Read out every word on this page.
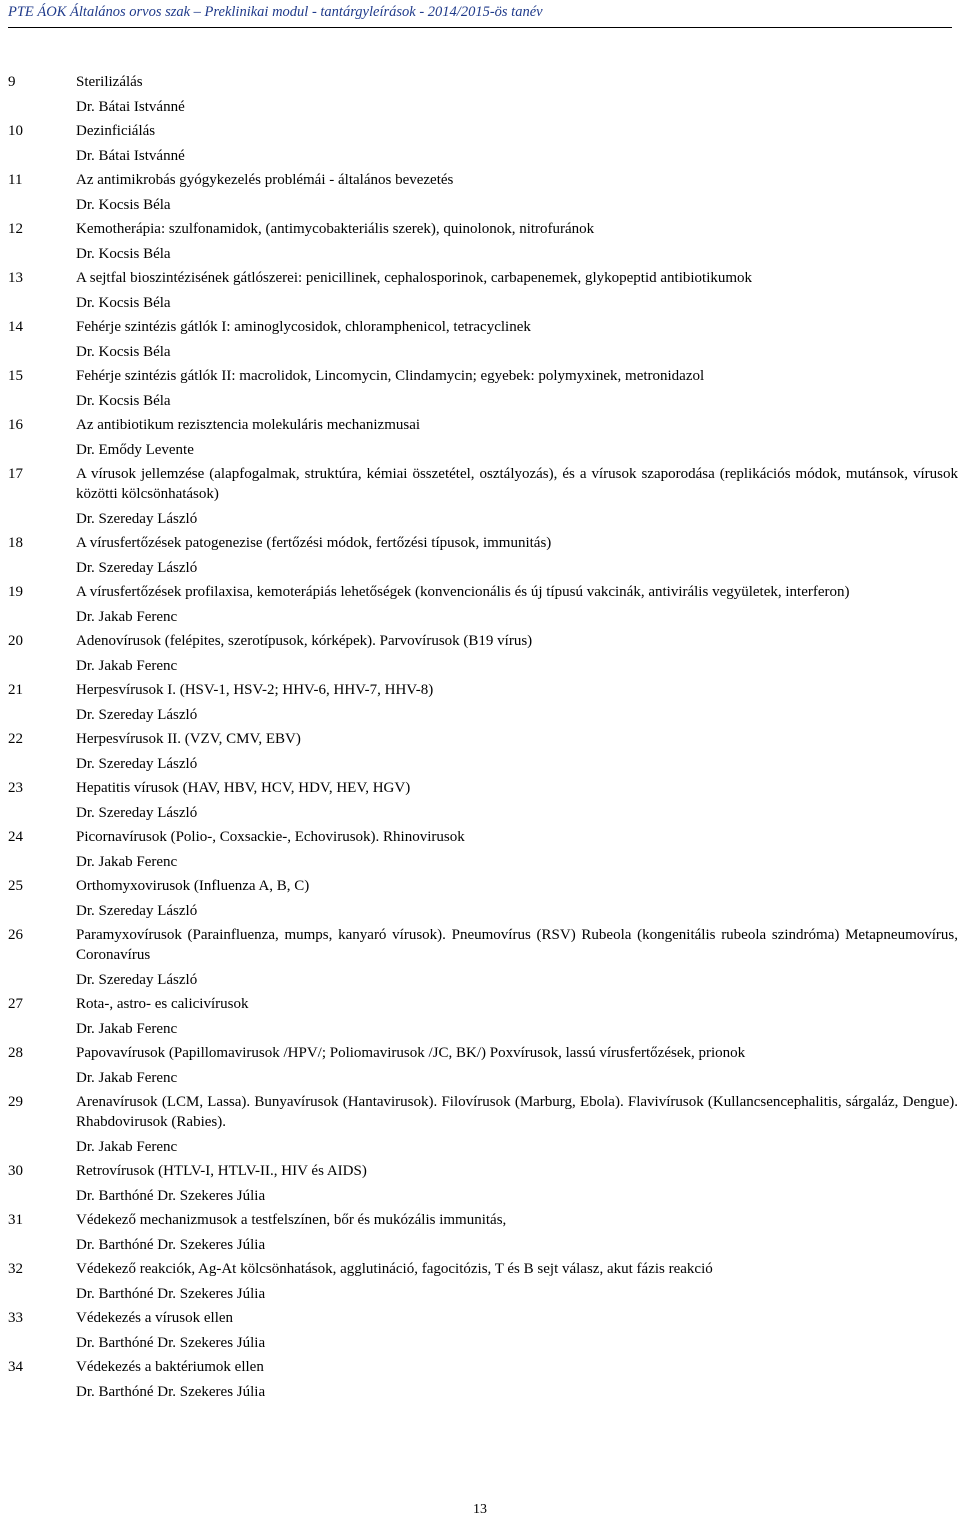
PTE ÁOK Általános orvos szak – Preklinikai modul - tantárgyleírások - 2014/2015-ös tanév
9	Sterilizálás
Dr. Bátai Istvánné
10	Dezinficiálás
Dr. Bátai Istvánné
11	Az antimikrobás gyógykezelés problémái - általános bevezetés
Dr. Kocsis Béla
12	Kemotherápia: szulfonamidok, (antimycobakteriális szerek), quinolonok, nitrofuránok
Dr. Kocsis Béla
13	A sejtfal bioszintézisének gátlószerei: penicillinek, cephalosporinok, carbapenemek, glykopeptid antibiotikumok
Dr. Kocsis Béla
14	Fehérje szintézis gátlók I: aminoglycosidok, chloramphenicol, tetracyclinek
Dr. Kocsis Béla
15	Fehérje szintézis gátlók II: macrolidok, Lincomycin, Clindamycin; egyebek: polymyxinek, metronidazol
Dr. Kocsis Béla
16	Az antibiotikum rezisztencia molekuláris mechanizmusai
Dr. Emődy Levente
17	A vírusok jellemzése (alapfogalmak, struktúra, kémiai összetétel, osztályozás), és a vírusok szaporodása (replikációs módok, mutánsok, vírusok közötti kölcsönhatások)
Dr. Szereday László
18	A vírusfertőzések patogenezise (fertőzési módok, fertőzési típusok, immunitás)
Dr. Szereday László
19	A vírusfertőzések profilaxisa, kemoterápiás lehetőségek (konvencionális és új típusú vakcinák, antivirális vegyületek, interferon)
Dr. Jakab Ferenc
20	Adenovírusok (felépites, szerotípusok, kórképek). Parvovírusok (B19 vírus)
Dr. Jakab Ferenc
21	Herpesvírusok I. (HSV-1, HSV-2; HHV-6, HHV-7, HHV-8)
Dr. Szereday László
22	Herpesvírusok II. (VZV, CMV, EBV)
Dr. Szereday László
23	Hepatitis vírusok (HAV, HBV, HCV, HDV, HEV, HGV)
Dr. Szereday László
24	Picornavírusok (Polio-, Coxsackie-, Echovirusok). Rhinovirusok
Dr. Jakab Ferenc
25	Orthomyxovirusok (Influenza A, B, C)
Dr. Szereday László
26	Paramyxovírusok (Parainfluenza, mumps, kanyaró vírusok). Pneumovírus (RSV) Rubeola (kongenitális rubeola szindróma) Metapneumovírus, Coronavírus
Dr. Szereday László
27	Rota-, astro- es calicivírusok
Dr. Jakab Ferenc
28	Papovavírusok (Papillomavirusok /HPV/; Poliomavirusok /JC, BK/) Poxvírusok, lassú vírusfertőzések, prionok
Dr. Jakab Ferenc
29	Arenavírusok (LCM, Lassa). Bunyavírusok (Hantavirusok). Filovírusok (Marburg, Ebola). Flavivírusok (Kullancsencephalitis, sárgaláz, Dengue). Rhabdovirusok (Rabies).
Dr. Jakab Ferenc
30	Retrovírusok (HTLV-I, HTLV-II., HIV és AIDS)
Dr. Barthóné Dr. Szekeres Júlia
31	Védekező mechanizmusok a testfelszínen, bőr és mukózális immunitás,
Dr. Barthóné Dr. Szekeres Júlia
32	Védekező reakciók, Ag-At kölcsönhatások, agglutináció, fagocitózis, T és B sejt válasz, akut fázis reakció
Dr. Barthóné Dr. Szekeres Júlia
33	Védekezés a vírusok ellen
Dr. Barthóné Dr. Szekeres Júlia
34	Védekezés a baktériumok ellen
Dr. Barthóné Dr. Szekeres Júlia
13
